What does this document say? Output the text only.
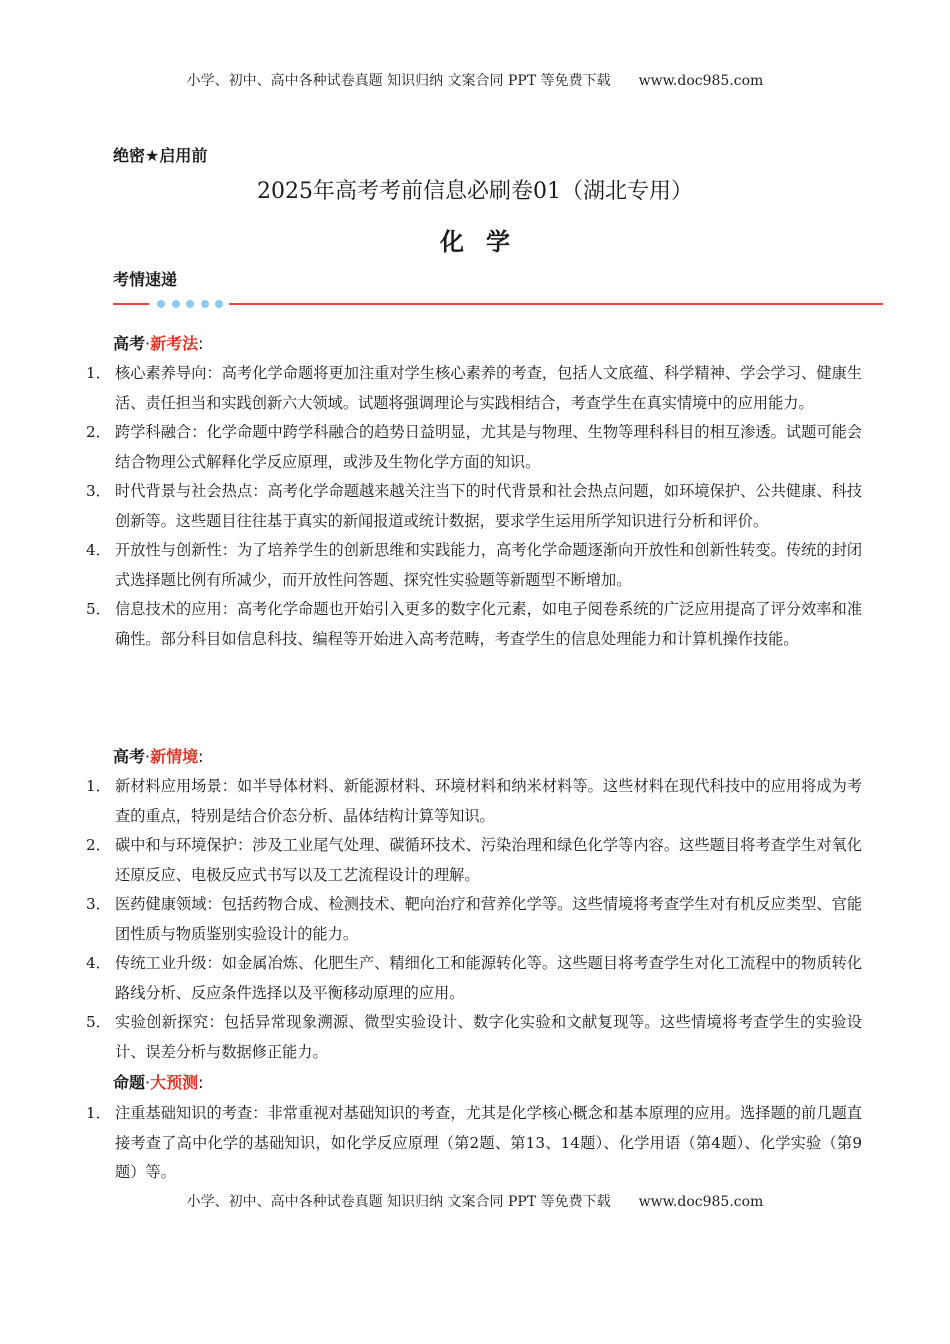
小学、初中、高中各种试卷真题 知识归纳 文案合同 PPT 等免费下载 www.doc985.com
绝密★启用前
2025年高考考前信息必刷卷01（湖北专用）
化学
考情速递
高考·新考法:
1． 核心素养导向：高考化学命题将更加注重对学生核心素养的考查，包括人文底蕴、科学精神、学会学习、健康生活、责任担当和实践创新六大领域。试题将强调理论与实践相结合，考查学生在真实情境中的应用能力。
2． 跨学科融合：化学命题中跨学科融合的趋势日益明显，尤其是与物理、生物等理科科目的相互渗透。试题可能会结合物理公式解释化学反应原理，或涉及生物化学方面的知识。
3． 时代背景与社会热点：高考化学命题越来越关注当下的时代背景和社会热点问题，如环境保护、公共健康、科技创新等。这些题目往往基于真实的新闻报道或统计数据，要求学生运用所学知识进行分析和评价。
4． 开放性与创新性：为了培养学生的创新思维和实践能力，高考化学命题逐渐向开放性和创新性转变。传统的封闭式选择题比例有所减少，而开放性问答题、探究性实验题等新题型不断增加。
5． 信息技术的应用：高考化学命题也开始引入更多的数字化元素，如电子阅卷系统的广泛应用提高了评分效率和准确性。部分科目如信息科技、编程等开始进入高考范畴，考查学生的信息处理能力和计算机操作技能。
高考·新情境:
1． 新材料应用场景：如半导体材料、新能源材料、环境材料和纳米材料等。这些材料在现代科技中的应用将成为考查的重点，特别是结合价态分析、晶体结构计算等知识。
2． 碳中和与环境保护：涉及工业尾气处理、碳循环技术、污染治理和绿色化学等内容。这些题目将考查学生对氧化还原反应、电极反应式书写以及工艺流程设计的理解。
3． 医药健康领域：包括药物合成、检测技术、靶向治疗和营养化学等。这些情境将考查学生对有机反应类型、官能团性质与物质鉴别实验设计的能力。
4． 传统工业升级：如金属冶炼、化肥生产、精细化工和能源转化等。这些题目将考查学生对化工流程中的物质转化路线分析、反应条件选择以及平衡移动原理的应用。
5． 实验创新探究：包括异常现象溯源、微型实验设计、数字化实验和文献复现等。这些情境将考查学生的实验设计、误差分析与数据修正能力。
命题·大预测:
1． 注重基础知识的考查：非常重视对基础知识的考查，尤其是化学核心概念和基本原理的应用。选择题的前几题直接考查了高中化学的基础知识，如化学反应原理（第2题、第13、14题）、化学用语（第4题）、化学实验（第9题）等。
小学、初中、高中各种试卷真题 知识归纳 文案合同 PPT 等免费下载 www.doc985.com
